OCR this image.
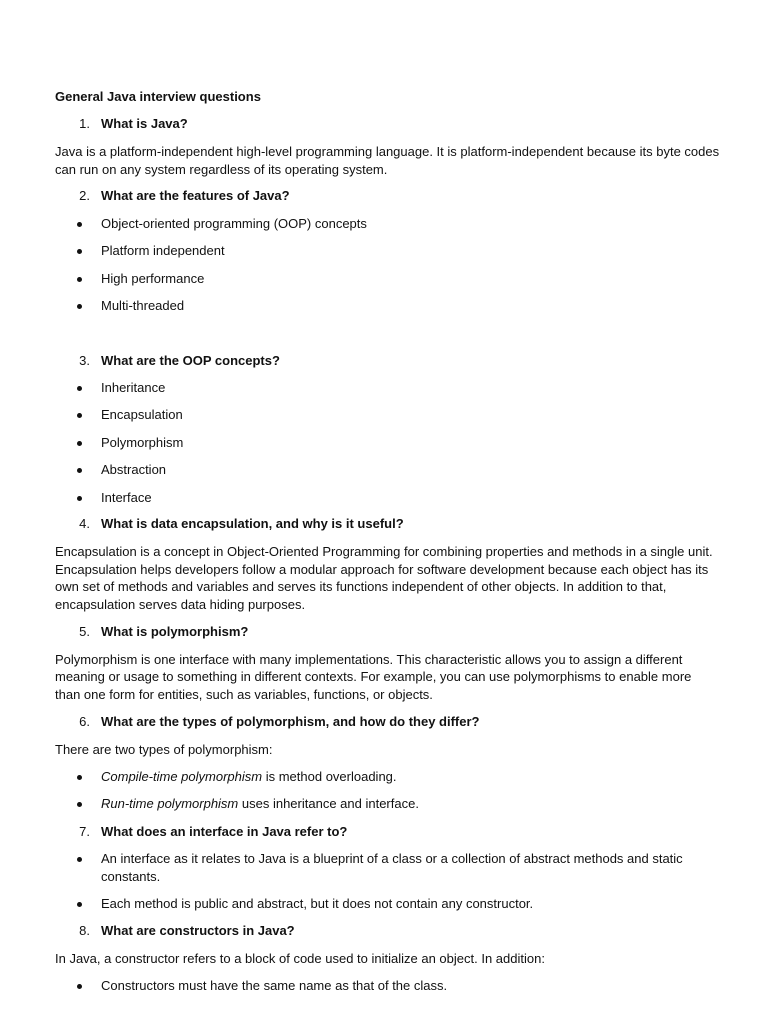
General Java interview questions
1 . What is Java?
Java is a platform-independent high-level programming language. It is platform-independent because its byte codes
can run on any system regardless of its operating system.
2 . What are the features of Java?
Object-oriented programming (OOP) concepts
Platform independent
High performance
Multi-threaded
3 . What are the OOP concepts?
Inheritance
Encapsulation
Polymorphism
Abstraction
Interface
4 . What is data encapsulation, and why is it useful?
Encapsulation is a concept in Object-Oriented Programming for combining properties and methods in a single unit.
Encapsulation helps developers follow a modular approach for software development because each object has its
own set of methods and variables and serves its functions independent of other objects. In addition to that,
encapsulation serves data hiding purposes.
5 . What is polymorphism?
Polymorphism is one interface with many implementations. This characteristic allows you to assign a different
meaning or usage to something in different contexts. For example, you can use polymorphisms to enable more
than one form for entities, such as variables, functions, or objects.
6 . What are the types of polymorphism, and how do they differ?
There are two types of polymorphism:
Compile-time polymorphism is method overloading.
Run-time polymorphism uses inheritance and interface.
7 . What does an interface in Java refer to?
An interface as it relates to Java is a blueprint of a class or a collection of abstract methods and static constants.
Each method is public and abstract, but it does not contain any constructor.
8 . What are constructors in Java?
In Java, a constructor refers to a block of code used to initialize an object. In addition:
Constructors must have the same name as that of the class.
